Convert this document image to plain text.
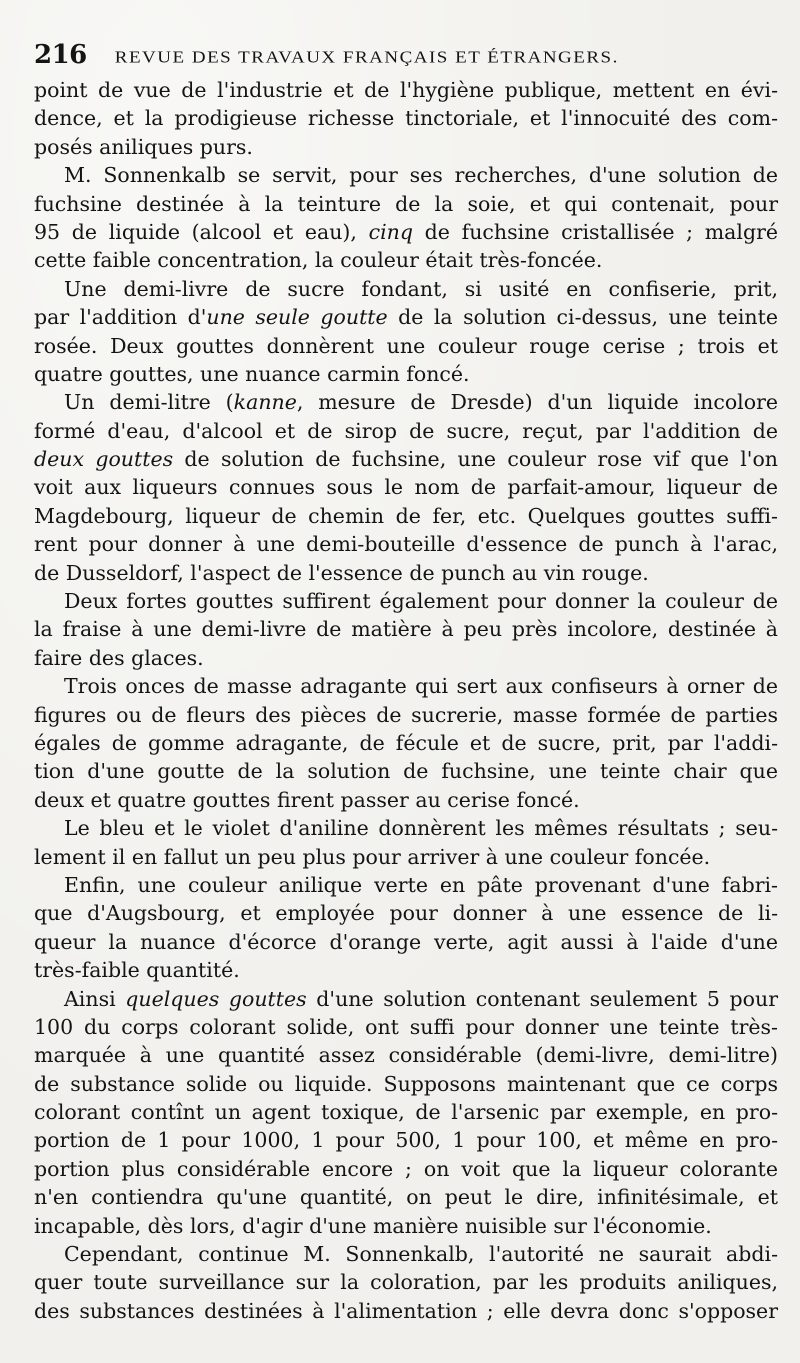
216 REVUE DES TRAVAUX FRANÇAIS ET ÉTRANGERS.
point de vue de l'industrie et de l'hygiène publique, mettent en évi-
dence, et la prodigieuse richesse tinctoriale, et l'innocuité des com-
posés aniliques purs.
M. Sonnenkalb se servit, pour ses recherches, d'une solution de
fuchsine destinée à la teinture de la soie, et qui contenait, pour
95 de liquide (alcool et eau), cinq de fuchsine cristallisée ; malgré
cette faible concentration, la couleur était très-foncée.
Une demi-livre de sucre fondant, si usité en confiserie, prit,
par l'addition d'une seule goutte de la solution ci-dessus, une teinte
rosée. Deux gouttes donnèrent une couleur rouge cerise ; trois et
quatre gouttes, une nuance carmin foncé.
Un demi-litre (kanne, mesure de Dresde) d'un liquide incolore
formé d'eau, d'alcool et de sirop de sucre, reçut, par l'addition de
deux gouttes de solution de fuchsine, une couleur rose vif que l'on
voit aux liqueurs connues sous le nom de parfait-amour, liqueur de
Magdebourg, liqueur de chemin de fer, etc. Quelques gouttes suffi-
rent pour donner à une demi-bouteille d'essence de punch à l'arac,
de Dusseldorf, l'aspect de l'essence de punch au vin rouge.
Deux fortes gouttes suffirent également pour donner la couleur de
la fraise à une demi-livre de matière à peu près incolore, destinée à
faire des glaces.
Trois onces de masse adragante qui sert aux confiseurs à orner de
figures ou de fleurs des pièces de sucrerie, masse formée de parties
égales de gomme adragante, de fécule et de sucre, prit, par l'addi-
tion d'une goutte de la solution de fuchsine, une teinte chair que
deux et quatre gouttes firent passer au cerise foncé.
Le bleu et le violet d'aniline donnèrent les mêmes résultats ; seu-
lement il en fallut un peu plus pour arriver à une couleur foncée.
Enfin, une couleur anilique verte en pâte provenant d'une fabri-
que d'Augsbourg, et employée pour donner à une essence de li-
queur la nuance d'écorce d'orange verte, agit aussi à l'aide d'une
très-faible quantité.
Ainsi quelques gouttes d'une solution contenant seulement 5 pour
100 du corps colorant solide, ont suffi pour donner une teinte très-
marquée à une quantité assez considérable (demi-livre, demi-litre)
de substance solide ou liquide. Supposons maintenant que ce corps
colorant contînt un agent toxique, de l'arsenic par exemple, en pro-
portion de 1 pour 1000, 1 pour 500, 1 pour 100, et même en pro-
portion plus considérable encore ; on voit que la liqueur colorante
n'en contiendra qu'une quantité, on peut le dire, infinitésimale, et
incapable, dès lors, d'agir d'une manière nuisible sur l'économie.
Cependant, continue M. Sonnenkalb, l'autorité ne saurait abdi-
quer toute surveillance sur la coloration, par les produits aniliques,
des substances destinées à l'alimentation ; elle devra donc s'opposer
